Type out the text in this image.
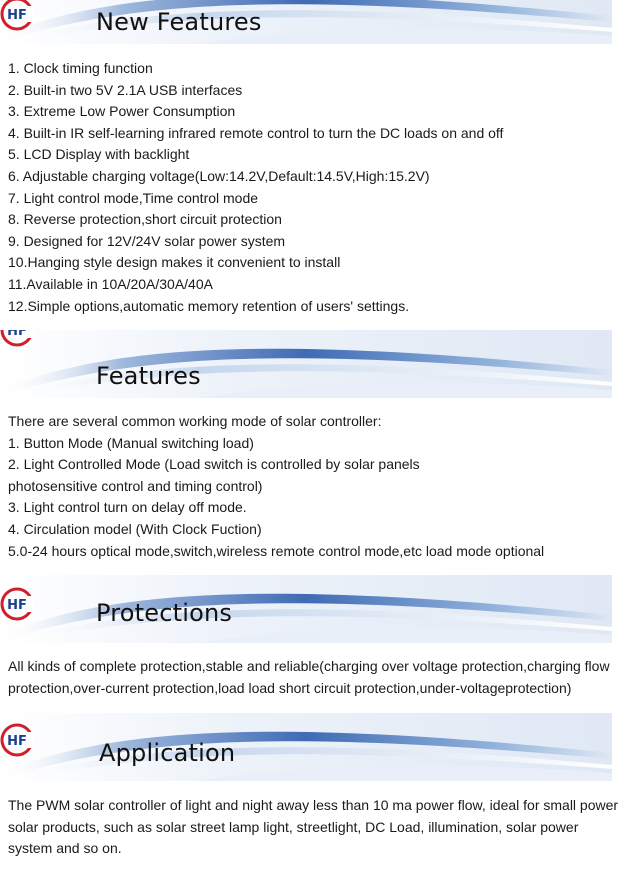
New Features
HF
1. Clock timing function
2. Built-in two 5V 2.1A USB interfaces
3. Extreme Low Power Consumption
4. Built-in IR self-learning infrared remote control to turn the DC loads on and off
5. LCD Display with backlight
6. Adjustable charging voltage(Low:14.2V,Default:14.5V,High:15.2V)
7. Light control mode,Time control mode
8. Reverse protection,short circuit protection
9. Designed for 12V/24V solar power system
10.Hanging style design makes it convenient to install
11.Available in 10A/20A/30A/40A
12.Simple options,automatic memory retention of users' settings.
Features
HF
There are several common working mode of solar controller:
1. Button Mode (Manual switching load)
2. Light Controlled Mode (Load switch is controlled by solar panels
photosensitive control and timing control)
3. Light control turn on delay off mode.
4. Circulation model (With Clock Fuction)
5.0-24 hours optical mode,switch,wireless remote control mode,etc load mode optional
Protections
HF
All kinds of complete protection,stable and reliable(charging over voltage protection,charging flow protection,over-current protection,load load short circuit protection,under-voltageprotection)
Application
HF
The PWM solar controller of light and night away less than 10 ma power flow, ideal for small power solar products, such as solar street lamp light, streetlight, DC Load, illumination, solar power system and so on.
